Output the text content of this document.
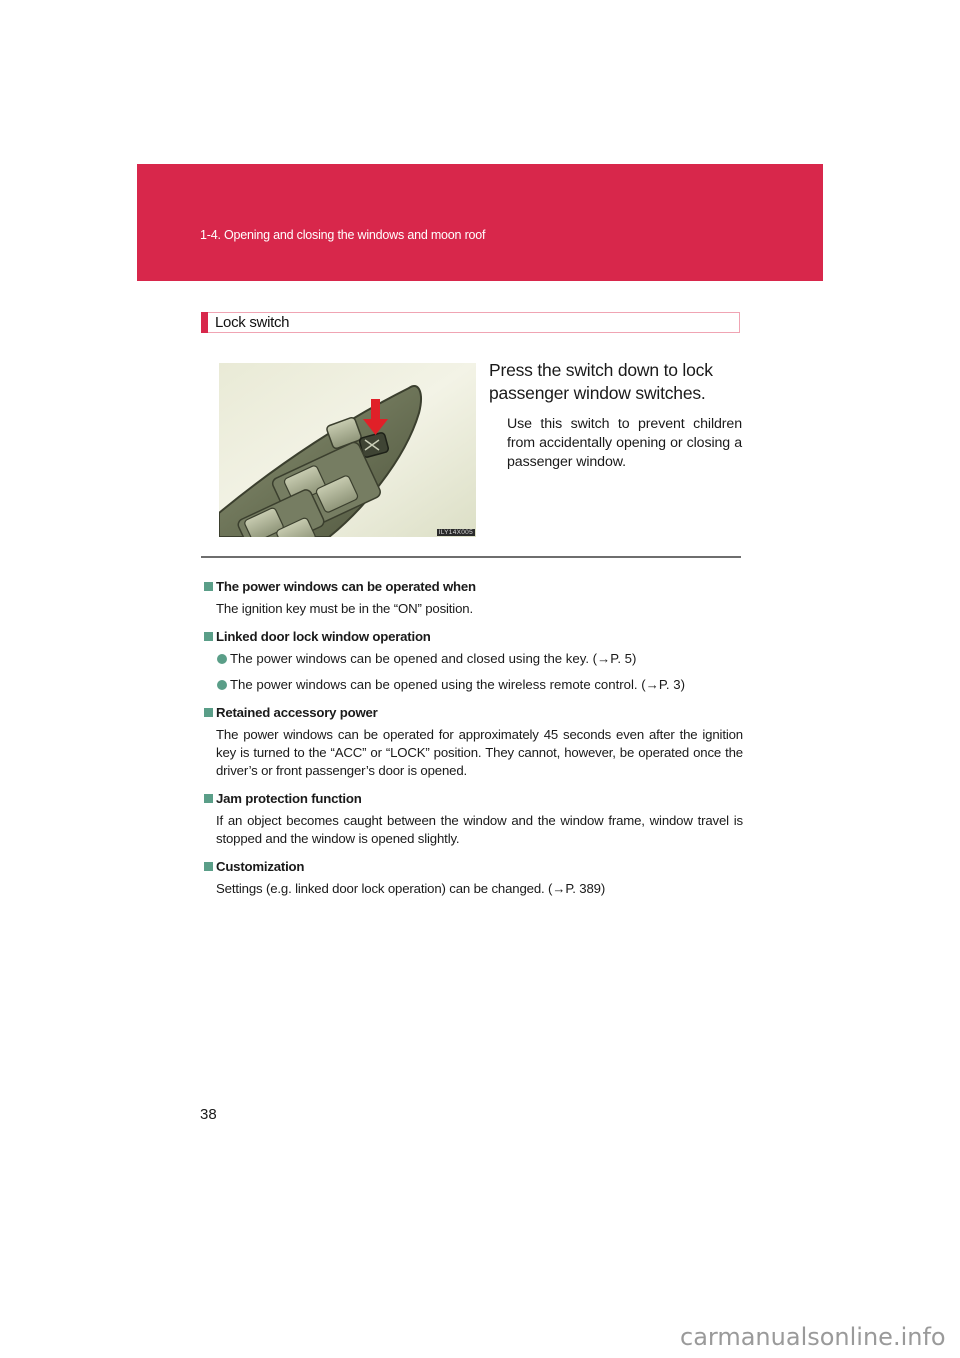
1-4. Opening and closing the windows and moon roof
Lock switch
ILY14X005
Press the switch down to lock passenger window switches.
Use this switch to prevent children from accidentally opening or closing a passenger window.
The power windows can be operated when
The ignition key must be in the “ON” position.
Linked door lock window operation
The power windows can be opened and closed using the key. (→P. 5)
The power windows can be opened using the wireless remote control. (→P. 3)
Retained accessory power
The power windows can be operated for approximately 45 seconds even after the ignition key is turned to the “ACC” or “LOCK” position. They cannot, however, be operated once the driver’s or front passenger’s door is opened.
Jam protection function
If an object becomes caught between the window and the window frame, window travel is stopped and the window is opened slightly.
Customization
Settings (e.g. linked door lock operation) can be changed. (→P. 389)
38
carmanualsonline.info
